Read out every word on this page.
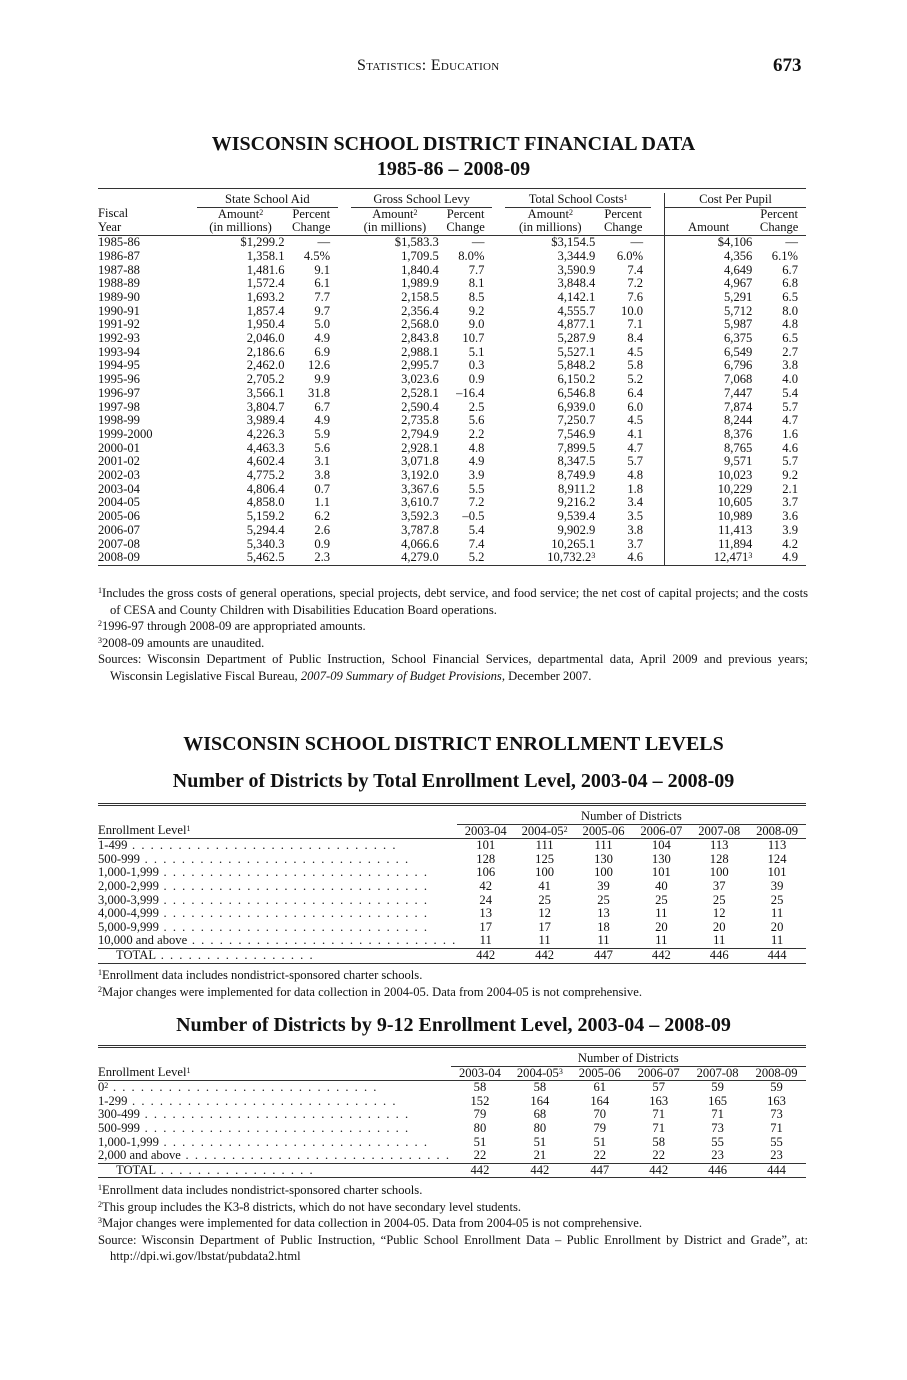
Statistics: Education	673
WISCONSIN SCHOOL DISTRICT FINANCIAL DATA
1985-86 – 2008-09
	State School Aid			Gross School Levy			Total School Costs$^1$			Cost Per Pupil	
Fiscal	Amount$^2$	Percent		Amount$^2$	Percent		Amount$^2$	Percent			Percent
Year	(in millions)	Change		(in millions)	Change		(in millions)	Change		Amount	Change
1985-86	$1,299.2	—		$1,583.3	—		$3,154.5	—		$4,106	—
1986-87	1,358.1	4.5%		1,709.5	8.0%		3,344.9	6.0%		4,356	6.1%
1987-88	1,481.6	9.1		1,840.4	7.7		3,590.9	7.4		4,649	6.7
1988-89	1,572.4	6.1		1,989.9	8.1		3,848.4	7.2		4,967	6.8
1989-90	1,693.2	7.7		2,158.5	8.5		4,142.1	7.6		5,291	6.5
1990-91	1,857.4	9.7		2,356.4	9.2		4,555.7	10.0		5,712	8.0
1991-92	1,950.4	5.0		2,568.0	9.0		4,877.1	7.1		5,987	4.8
1992-93	2,046.0	4.9		2,843.8	10.7		5,287.9	8.4		6,375	6.5
1993-94	2,186.6	6.9		2,988.1	5.1		5,527.1	4.5		6,549	2.7
1994-95	2,462.0	12.6		2,995.7	0.3		5,848.2	5.8		6,796	3.8
1995-96	2,705.2	9.9		3,023.6	0.9		6,150.2	5.2		7,068	4.0
1996-97	3,566.1	31.8		2,528.1	–16.4		6,546.8	6.4		7,447	5.4
1997-98	3,804.7	6.7		2,590.4	2.5		6,939.0	6.0		7,874	5.7
1998-99	3,989.4	4.9		2,735.8	5.6		7,250.7	4.5		8,244	4.7
1999-2000	4,226.3	5.9		2,794.9	2.2		7,546.9	4.1		8,376	1.6
2000-01	4,463.3	5.6		2,928.1	4.8		7,899.5	4.7		8,765	4.6
2001-02	4,602.4	3.1		3,071.8	4.9		8,347.5	5.7		9,571	5.7
2002-03	4,775.2	3.8		3,192.0	3.9		8,749.9	4.8		10,023	9.2
2003-04	4,806.4	0.7		3,367.6	5.5		8,911.2	1.8		10,229	2.1
2004-05	4,858.0	1.1		3,610.7	7.2		9,216.2	3.4		10,605	3.7
2005-06	5,159.2	6.2		3,592.3	–0.5		9,539.4	3.5		10,989	3.6
2006-07	5,294.4	2.6		3,787.8	5.4		9,902.9	3.8		11,413	3.9
2007-08	5,340.3	0.9		4,066.6	7.4		10,265.1	3.7		11,894	4.2
2008-09	5,462.5	2.3		4,279.0	5.2		10,732.2$^3$	4.6		12,471$^3$	4.9

$^1$Includes the gross costs of general operations, special projects, debt service, and food service; the net cost of capital projects; and the costs of CESA and County Children with Disabilities Education Board operations.

$^2$1996-97 through 2008-09 are appropriated amounts.

$^3$2008-09 amounts are unaudited.

Sources: Wisconsin Department of Public Instruction, School Financial Services, departmental data, April 2009 and previous years; Wisconsin Legislative Fiscal Bureau, 2007-09 Summary of Budget Provisions, December 2007.

WISCONSIN SCHOOL DISTRICT ENROLLMENT LEVELS
Number of Districts by Total Enrollment Level, 2003-04 – 2008-09
	Number of Districts					
Enrollment Level$^1$	2003-04	$2004-05^2$	2005-06	2006-07	2007-08	2008-09
1-499 . . . . . . . . . . . . . . . . . . . . . . . . . . . . .	101	111	111	104	113	113
500-999 . . . . . . . . . . . . . . . . . . . . . . . . . . . . .	128	125	130	130	128	124
1,000-1,999 . . . . . . . . . . . . . . . . . . . . . . . . . . . . .	106	100	100	101	100	101
2,000-2,999 . . . . . . . . . . . . . . . . . . . . . . . . . . . . .	42	41	39	40	37	39
3,000-3,999 . . . . . . . . . . . . . . . . . . . . . . . . . . . . .	24	25	25	25	25	25
4,000-4,999 . . . . . . . . . . . . . . . . . . . . . . . . . . . . .	13	12	13	11	12	11
5,000-9,999 . . . . . . . . . . . . . . . . . . . . . . . . . . . . .	17	17	18	20	20	20
10,000 and above . . . . . . . . . . . . . . . . . . . . . . . . . . . . .	11	11	11	11	11	11
TOTAL . . . . . . . . . . . . . . . . .	442	442	447	442	446	444

$^1$Enrollment data includes nondistrict-sponsored charter schools.

$^2$Major changes were implemented for data collection in 2004-05. Data from 2004-05 is not comprehensive.

Number of Districts by 9-12 Enrollment Level, 2003-04 – 2008-09
	Number of Districts					
Enrollment Level$^1$	2003-04	$2004-05^3$	2005-06	2006-07	2007-08	2008-09
$0^2$ . . . . . . . . . . . . . . . . . . . . . . . . . . . . .	58	58	61	57	59	59
1-299 . . . . . . . . . . . . . . . . . . . . . . . . . . . . .	152	164	164	163	165	163
300-499 . . . . . . . . . . . . . . . . . . . . . . . . . . . . .	79	68	70	71	71	73
500-999 . . . . . . . . . . . . . . . . . . . . . . . . . . . . .	80	80	79	71	73	71
1,000-1,999 . . . . . . . . . . . . . . . . . . . . . . . . . . . . .	51	51	51	58	55	55
2,000 and above . . . . . . . . . . . . . . . . . . . . . . . . . . . . .	22	21	22	22	23	23
TOTAL . . . . . . . . . . . . . . . . .	442	442	447	442	446	444

$^1$Enrollment data includes nondistrict-sponsored charter schools.

$^2$This group includes the K3-8 districts, which do not have secondary level students.

$^3$Major changes were implemented for data collection in 2004-05. Data from 2004-05 is not comprehensive.

Source: Wisconsin Department of Public Instruction, “Public School Enrollment Data – Public Enrollment by District and Grade”, at: http://dpi.wi.gov/lbstat/pubdata2.html
